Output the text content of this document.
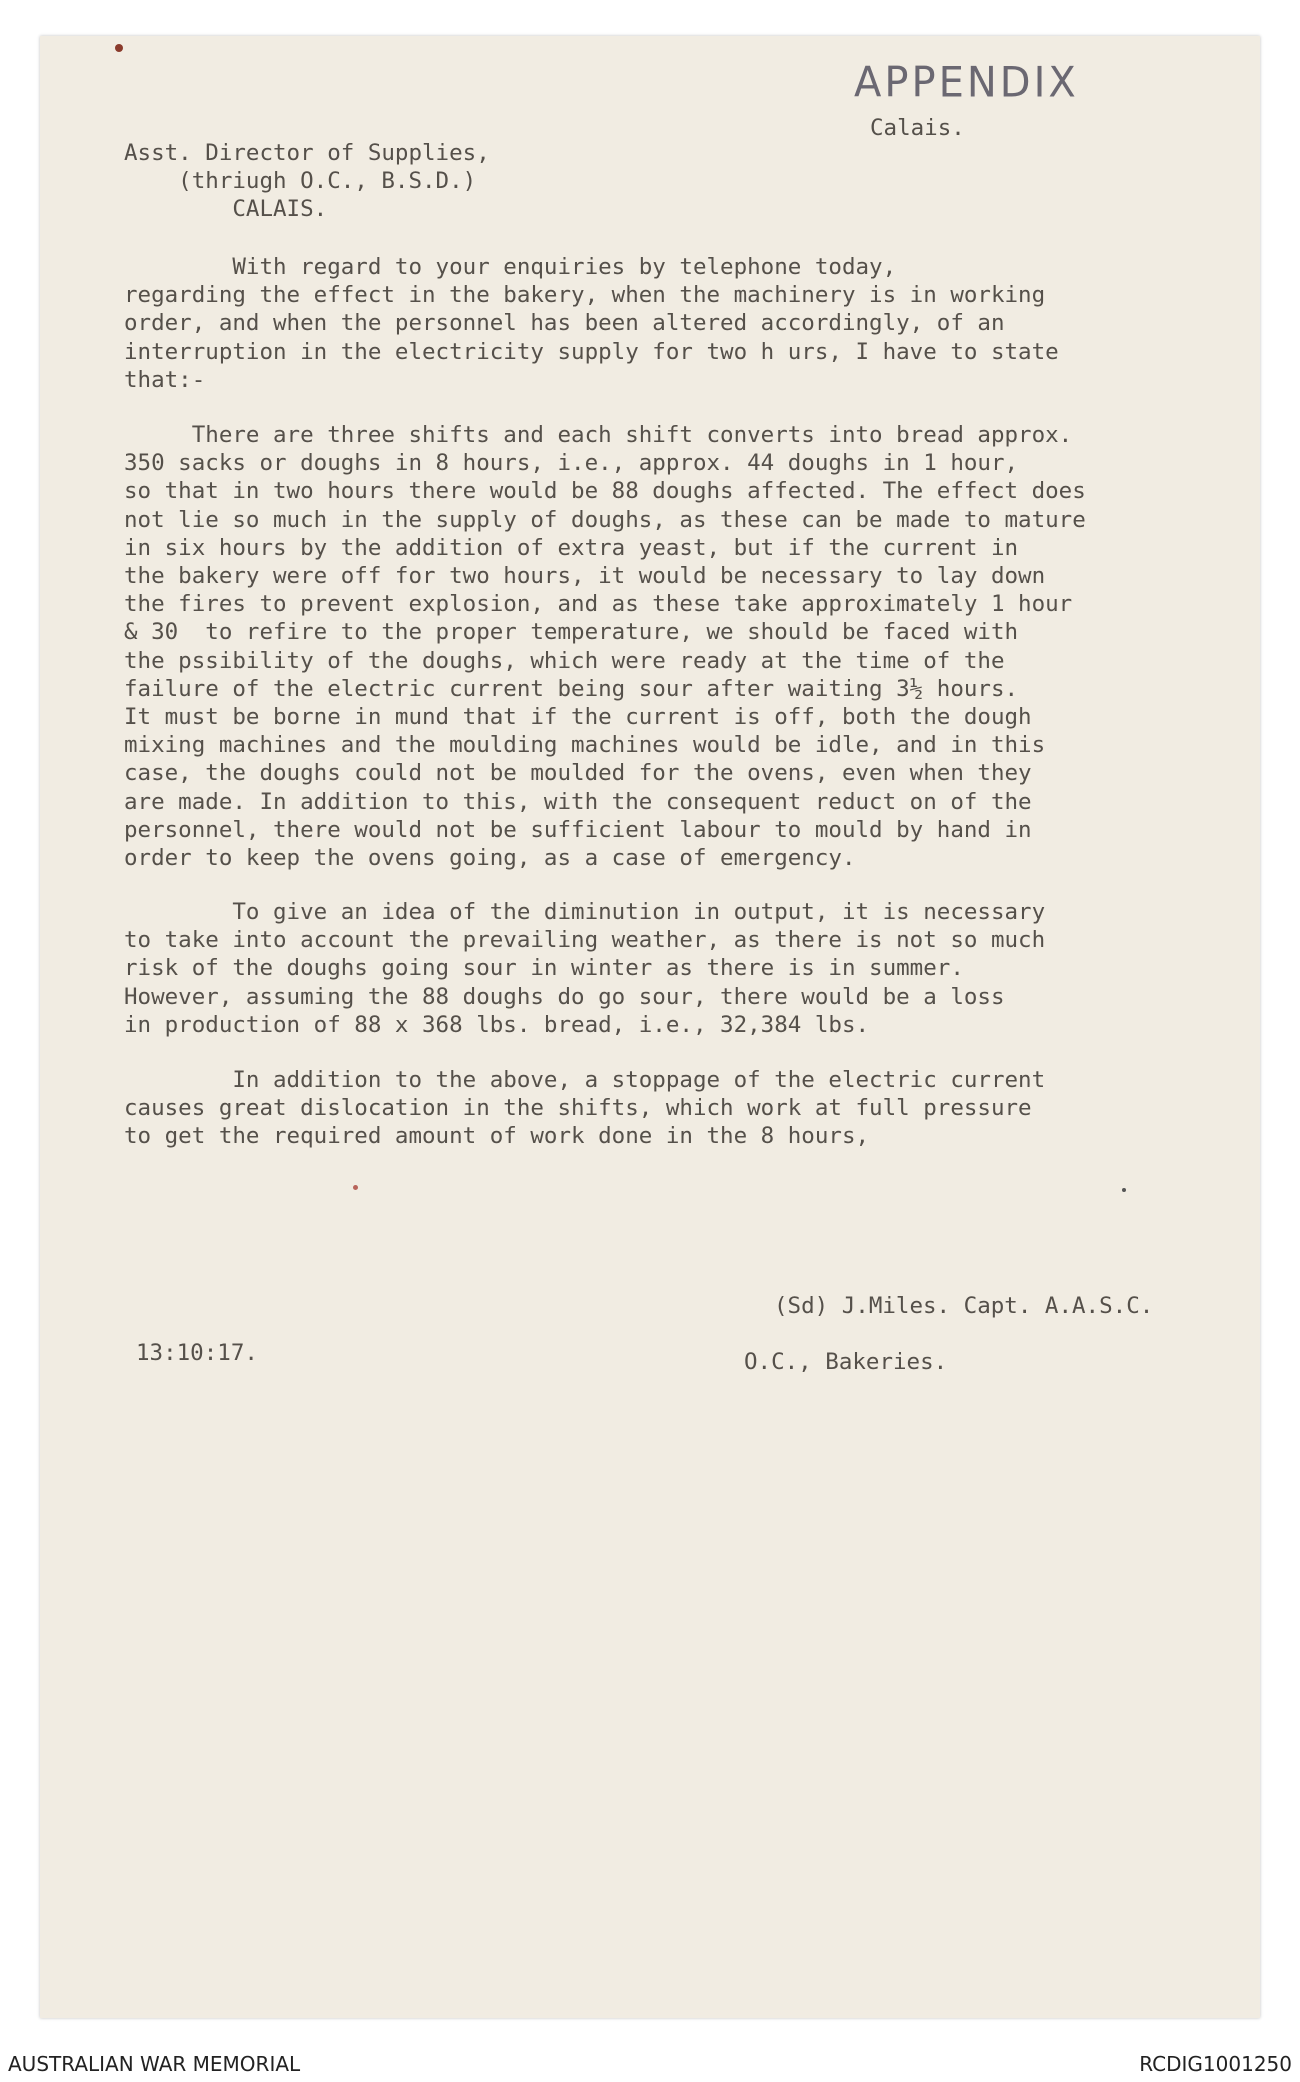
APPENDIX

Calais.

Asst. Director of Supplies,
(thriugh O.C., B.S.D.)
CALAIS.

With regard to your enquiries by telephone today,
regarding the effect in the bakery, when the machinery is in working
order, and when the personnel has been altered accordingly, of an
interruption in the electricity supply for two h urs, I have to state
that:-

There are three shifts and each shift converts into bread approx.
350 sacks or doughs in 8 hours, i.e., approx. 44 doughs in 1 hour,
so that in two hours there would be 88 doughs affected. The effect does
not lie so much in the supply of doughs, as these can be made to mature
in six hours by the addition of extra yeast, but if the current in
the bakery were off for two hours, it would be necessary to lay down
the fires to prevent explosion, and as these take approximately 1 hour
& 30  to refire to the proper temperature, we should be faced with
the pssibility of the doughs, which were ready at the time of the
failure of the electric current being sour after waiting 3½ hours.
It must be borne in mund that if the current is off, both the dough
mixing machines and the moulding machines would be idle, and in this
case, the doughs could not be moulded for the ovens, even when they
are made. In addition to this, with the consequent reduct on of the
personnel, there would not be sufficient labour to mould by hand in
order to keep the ovens going, as a case of emergency.

To give an idea of the diminution in output, it is necessary
to take into account the prevailing weather, as there is not so much
risk of the doughs going sour in winter as there is in summer.
However, assuming the 88 doughs do go sour, there would be a loss
in production of 88 x 368 lbs. bread, i.e., 32,384 lbs.

In addition to the above, a stoppage of the electric current
causes great dislocation in the shifts, which work at full pressure
to get the required amount of work done in the 8 hours,

(Sd) J.Miles. Capt. A.A.S.C.

13:10:17.	O.C., Bakeries.

AUSTRALIAN WAR MEMORIAL	RCDIG1001250
